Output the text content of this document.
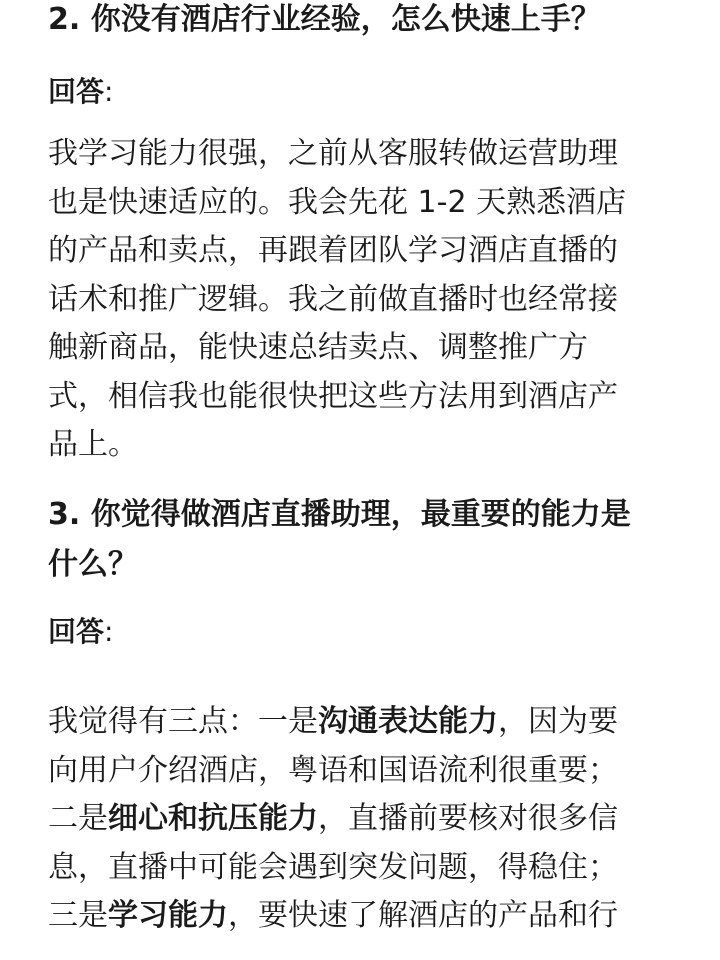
2. 你没有酒店行业经验，怎么快速上手？

回答:

我学习能力很强，之前从客服转做运营助理
也是快速适应的。我会先花 1-2 天熟悉酒店
的产品和卖点，再跟着团队学习酒店直播的
话术和推广逻辑。我之前做直播时也经常接
触新商品，能快速总结卖点、调整推广方
式，相信我也能很快把这些方法用到酒店产
品上。
3. 你觉得做酒店直播助理，最重要的能力是
什么？

回答:

我觉得有三点：一是沟通表达能力，因为要
向用户介绍酒店，粤语和国语流利很重要；
二是细心和抗压能力，直播前要核对很多信
息，直播中可能会遇到突发问题，得稳住；
三是学习能力，要快速了解酒店的产品和行
